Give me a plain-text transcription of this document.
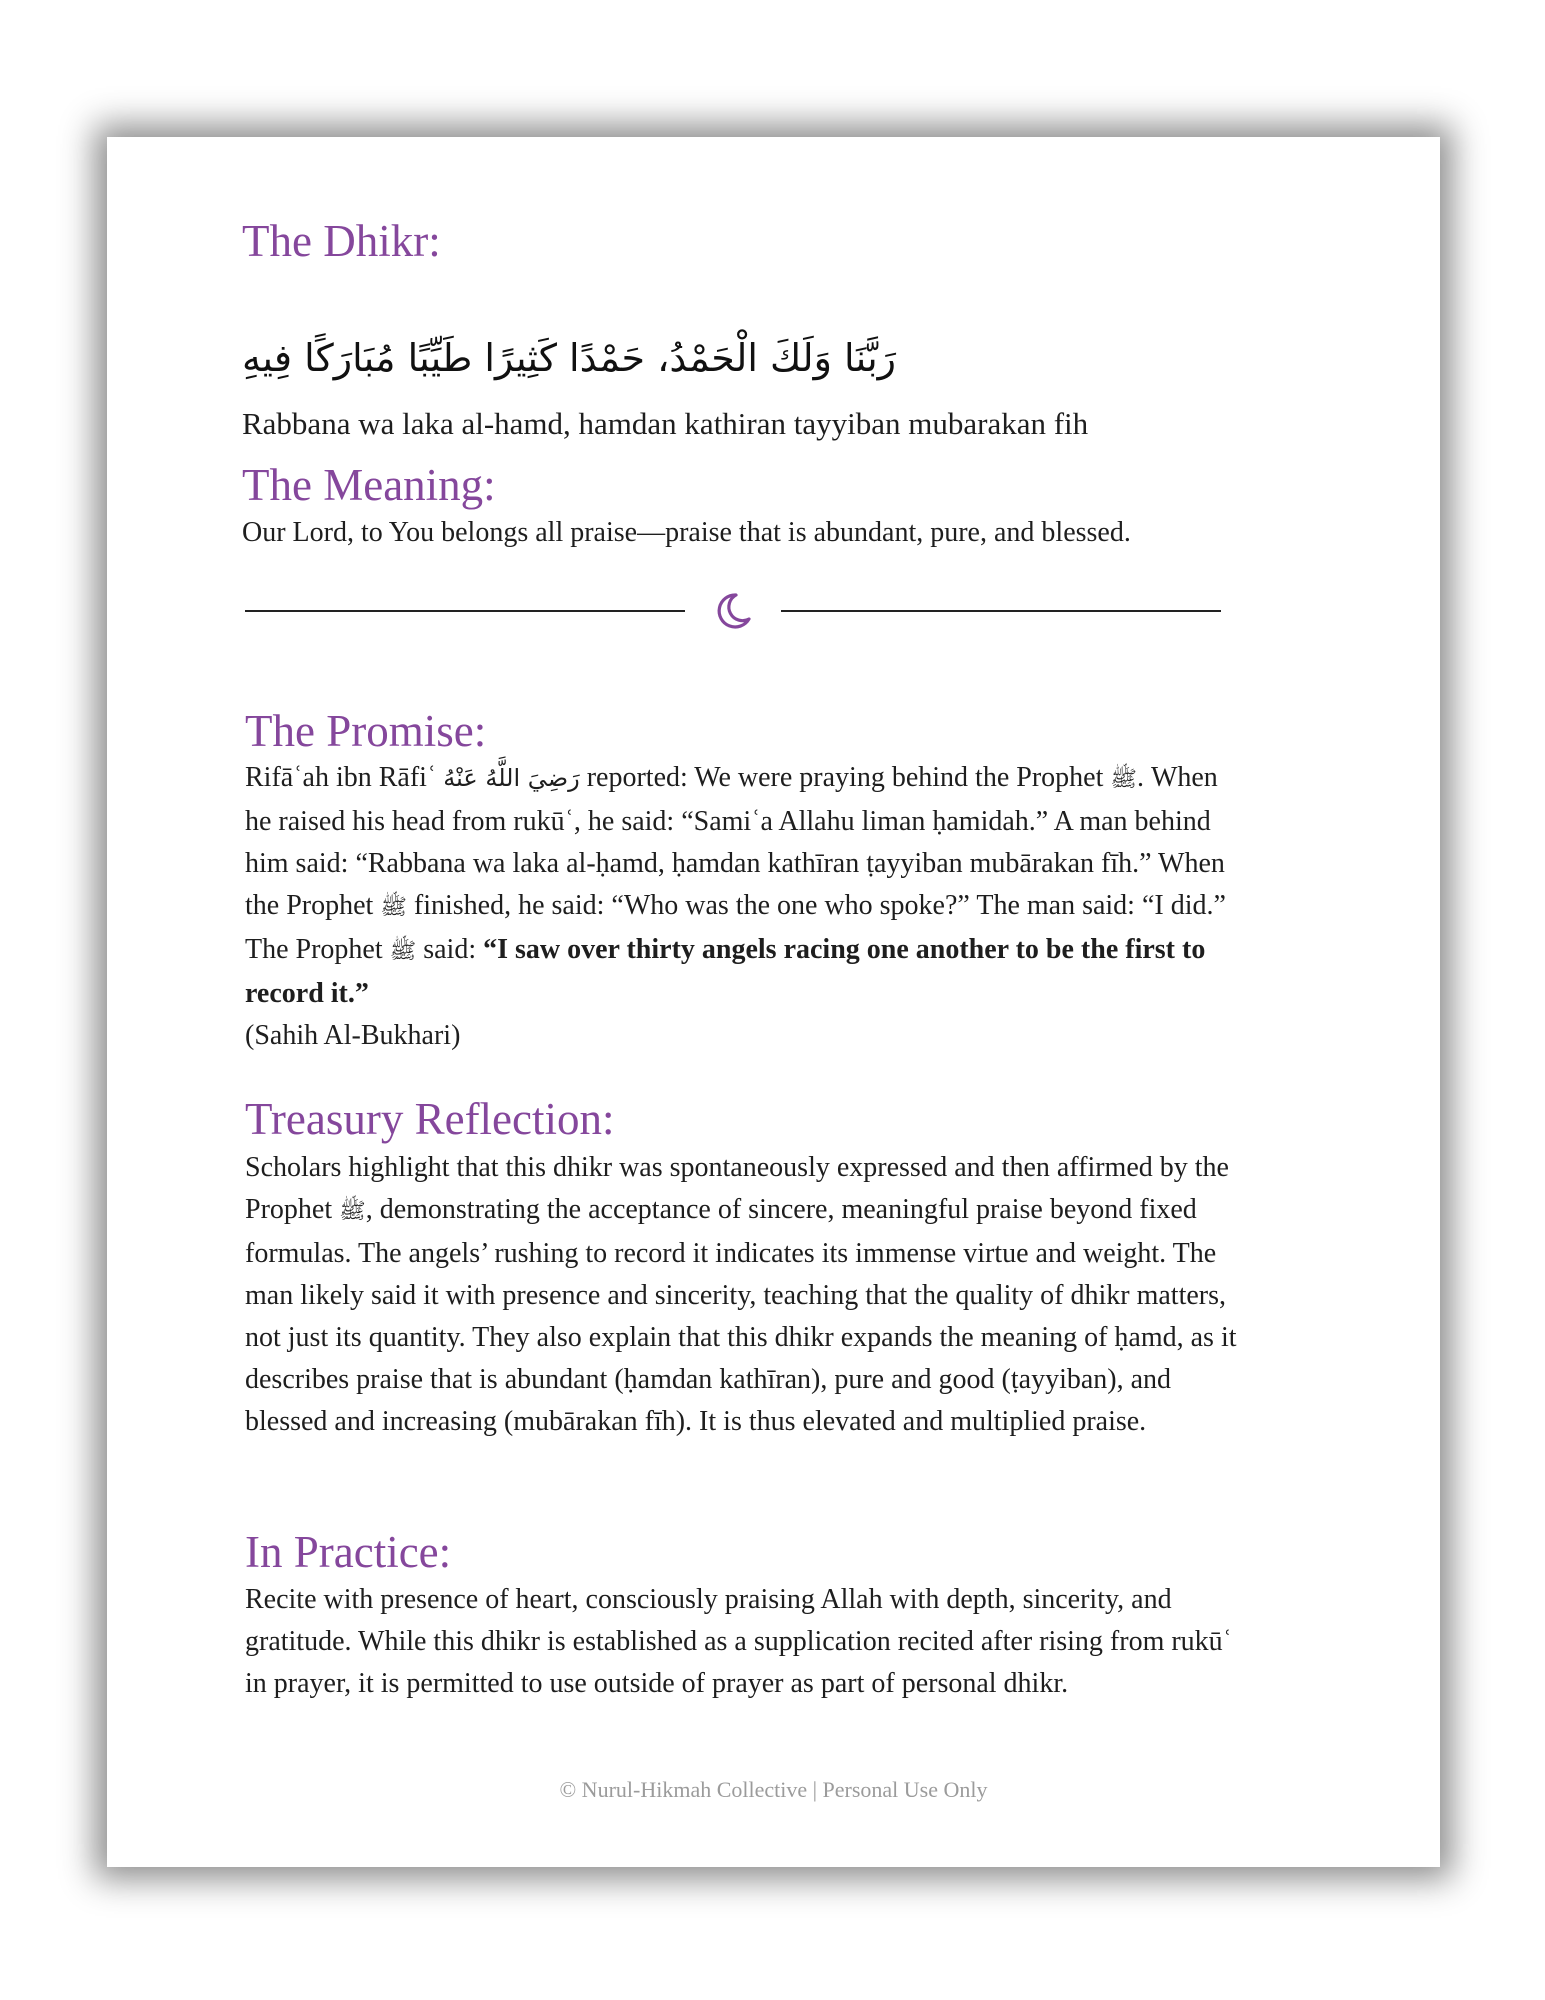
The Dhikr:
رَبَّنَا وَلَكَ الْحَمْدُ، حَمْدًا كَثِيرًا طَيِّبًا مُبَارَكًا فِيهِ
Rabbana wa laka al-hamd, hamdan kathiran tayyiban mubarakan fih
The Meaning:

Our Lord, to You belongs all praise—praise that is abundant, pure, and blessed.

The Promise:

Rifāʿah ibn Rāfiʿ رَضِيَ اللَّهُ عَنْهُ reported: We were praying behind the Prophet ﷺ. When he raised his head from rukūʿ, he said: “Samiʿa Allahu liman ḥamidah.” A man behind him said: “Rabbana wa laka al-ḥamd, ḥamdan kathīran ṭayyiban mubārakan fīh.” When the Prophet ﷺ finished, he said: “Who was the one who spoke?” The man said: “I did.” The Prophet ﷺ said: “I saw over thirty angels racing one another to be the first to record it.”
(Sahih Al-Bukhari)

Treasury Reflection:

Scholars highlight that this dhikr was spontaneously expressed and then affirmed by the Prophet ﷺ, demonstrating the acceptance of sincere, meaningful praise beyond fixed formulas. The angels’ rushing to record it indicates its immense virtue and weight. The man likely said it with presence and sincerity, teaching that the quality of dhikr matters, not just its quantity. They also explain that this dhikr expands the meaning of ḥamd, as it describes praise that is abundant (ḥamdan kathīran), pure and good (ṭayyiban), and blessed and increasing (mubārakan fīh). It is thus elevated and multiplied praise.

In Practice:

Recite with presence of heart, consciously praising Allah with depth, sincerity, and gratitude. While this dhikr is established as a supplication recited after rising from rukūʿ in prayer, it is permitted to use outside of prayer as part of personal dhikr.

© Nurul-Hikmah Collective | Personal Use Only
